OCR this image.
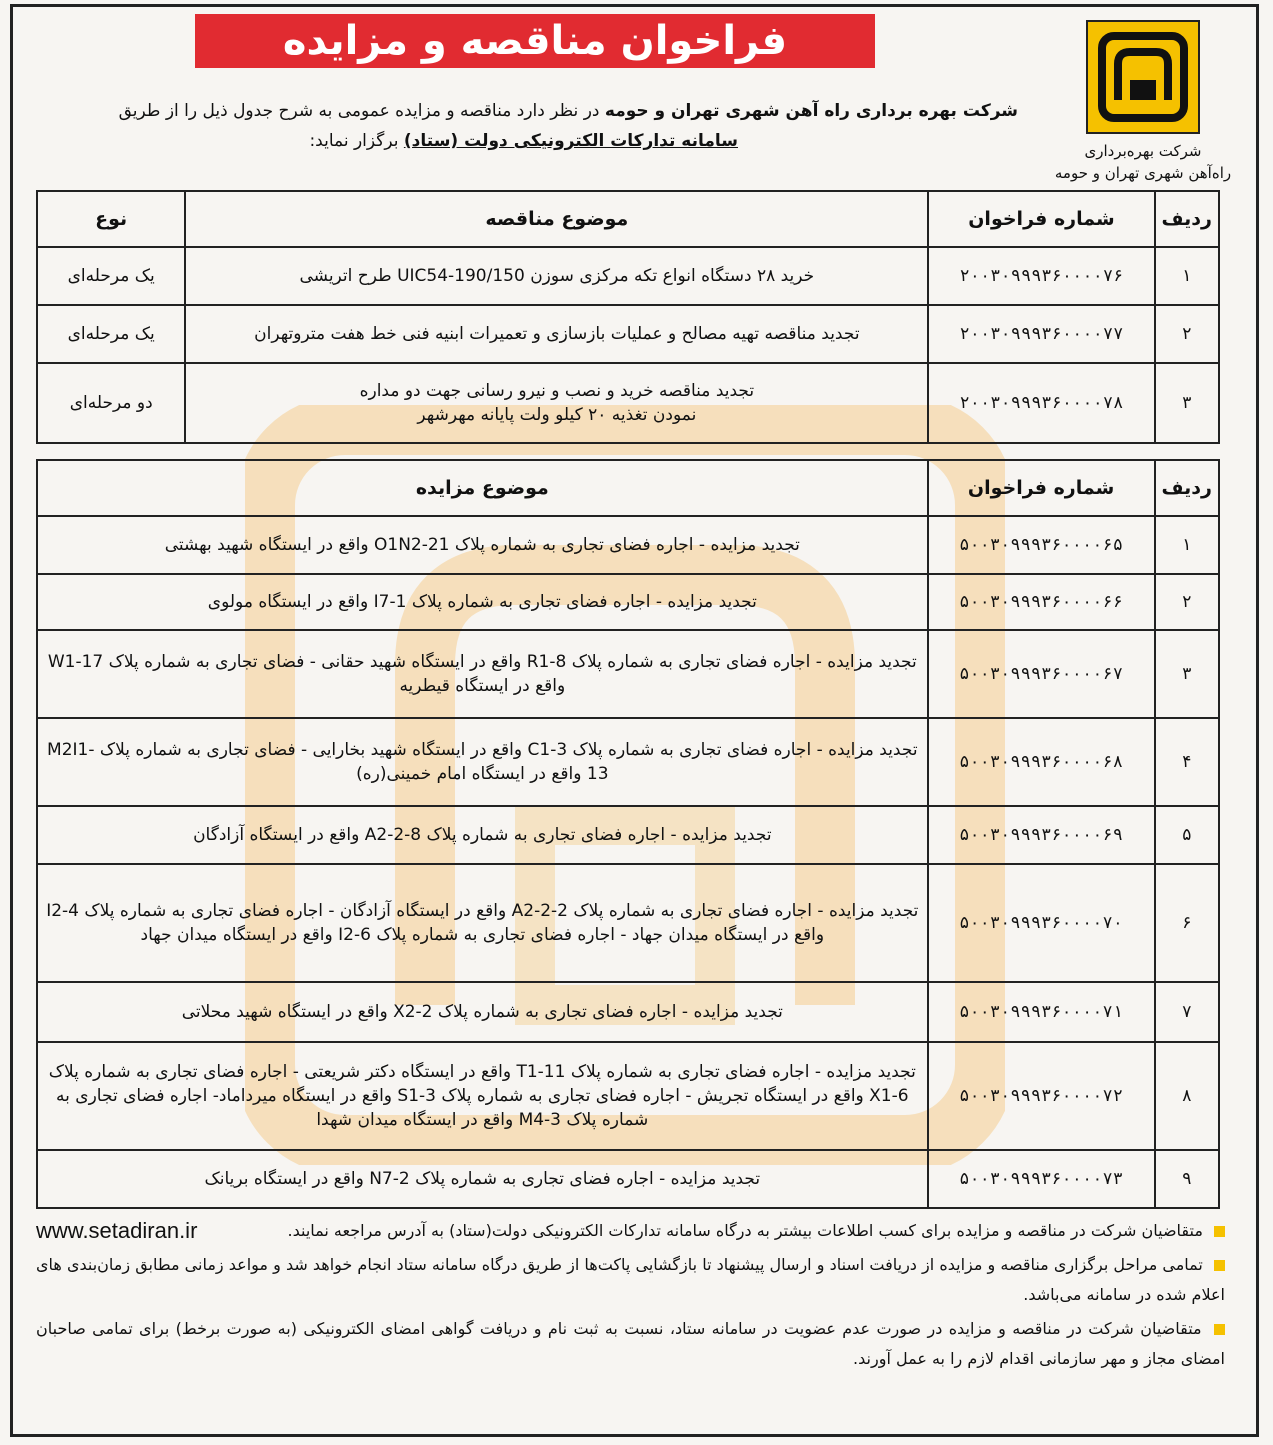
شرکت بهره‌برداری
راه‌آهن شهری تهران و حومه
فراخوان مناقصه و مزایده
شرکت بهره برداری راه آهن شهری تهران و حومه در نظر دارد مناقصه و مزایده عمومی به شرح جدول ذیل را از طریق
سامانه تدارکات الکترونیکی دولت (ستاد) برگزار نماید:
ردیف	شماره فراخوان	موضوع مناقصه	نوع
۱	۲۰۰۳۰۹۹۹۳۶۰۰۰۰۷۶	خرید ۲۸ دستگاه انواع تکه مرکزی سوزن UIC54-190/150 طرح اتریشی	یک مرحله‌ای
۲	۲۰۰۳۰۹۹۹۳۶۰۰۰۰۷۷	تجدید مناقصه تهیه مصالح و عملیات بازسازی و تعمیرات ابنیه فنی خط هفت متروتهران	یک مرحله‌ای
۳	۲۰۰۳۰۹۹۹۳۶۰۰۰۰۷۸	تجدید مناقصه خرید و نصب و نیرو رسانی جهت دو مداره نمودن تغذیه ۲۰ کیلو ولت پایانه مهرشهر	دو مرحله‌ای
ردیف	شماره فراخوان	موضوع مزایده
۱	۵۰۰۳۰۹۹۹۳۶۰۰۰۰۶۵	تجدید مزایده - اجاره فضای تجاری به شماره پلاک O1N2-21 واقع در ایستگاه شهید بهشتی
۲	۵۰۰۳۰۹۹۹۳۶۰۰۰۰۶۶	تجدید مزایده - اجاره فضای تجاری به شماره پلاک I7-1 واقع در ایستگاه مولوی
۳	۵۰۰۳۰۹۹۹۳۶۰۰۰۰۶۷	تجدید مزایده - اجاره فضای تجاری به شماره پلاک R1-8 واقع در ایستگاه شهید حقانی - فضای تجاری به شماره پلاک W1-17 واقع در ایستگاه قیطریه
۴	۵۰۰۳۰۹۹۹۳۶۰۰۰۰۶۸	تجدید مزایده - اجاره فضای تجاری به شماره پلاک C1-3 واقع در ایستگاه شهید بخارایی - فضای تجاری به شماره پلاک M2I1-13 واقع در ایستگاه امام خمینی(ره)
۵	۵۰۰۳۰۹۹۹۳۶۰۰۰۰۶۹	تجدید مزایده - اجاره فضای تجاری به شماره پلاک A2-2-8 واقع در ایستگاه آزادگان
۶	۵۰۰۳۰۹۹۹۳۶۰۰۰۰۷۰	تجدید مزایده - اجاره فضای تجاری به شماره پلاک A2-2-2 واقع در ایستگاه آزادگان - اجاره فضای تجاری به شماره پلاک I2-4 واقع در ایستگاه میدان جهاد - اجاره فضای تجاری به شماره پلاک I2-6 واقع در ایستگاه میدان جهاد
۷	۵۰۰۳۰۹۹۹۳۶۰۰۰۰۷۱	تجدید مزایده - اجاره فضای تجاری به شماره پلاک X2-2 واقع در ایستگاه شهید محلاتی
۸	۵۰۰۳۰۹۹۹۳۶۰۰۰۰۷۲	تجدید مزایده - اجاره فضای تجاری به شماره پلاک T1-11 واقع در ایستگاه دکتر شریعتی - اجاره فضای تجاری به شماره پلاک X1-6 واقع در ایستگاه تجریش - اجاره فضای تجاری به شماره پلاک S1-3 واقع در ایستگاه میرداماد- اجاره فضای تجاری به شماره پلاک M4-3 واقع در ایستگاه میدان شهدا
۹	۵۰۰۳۰۹۹۹۳۶۰۰۰۰۷۳	تجدید مزایده - اجاره فضای تجاری به شماره پلاک N7-2 واقع در ایستگاه بریانک

www.setadiran.ir	متقاضیان شرکت در مناقصه و مزایده برای کسب اطلاعات بیشتر به درگاه سامانه تدارکات الکترونیکی دولت(ستاد) به آدرس مراجعه نمایند.

تمامی مراحل برگزاری مناقصه و مزایده از دریافت اسناد و ارسال پیشنهاد تا بازگشایی پاکت‌ها از طریق درگاه سامانه ستاد انجام خواهد شد و مواعد زمانی مطابق زمان‌بندی های اعلام شده در سامانه می‌باشد.

متقاضیان شرکت در مناقصه و مزایده در صورت عدم عضویت در سامانه ستاد، نسبت به ثبت نام و دریافت گواهی امضای الکترونیکی (به صورت برخط) برای تمامی صاحبان امضای مجاز و مهر سازمانی اقدام لازم را به عمل آورند.
